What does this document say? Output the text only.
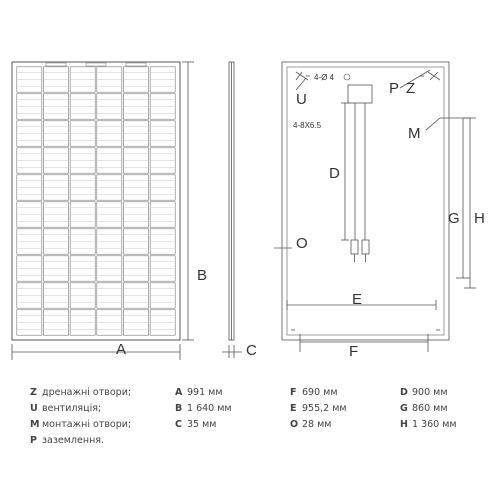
B
A	C
U
P Z
M
D
O
E
F
G H
4-Ø 4
4-8X6.5
Z дренажні отвори;
U вентиляція;
M монтажні отвори;
P заземлення.
A 991 мм
B 1 640 мм
C 35 мм
F 690 мм
E 955,2 мм
O 28 мм
D 900 мм
G 860 мм
H 1 360 мм
